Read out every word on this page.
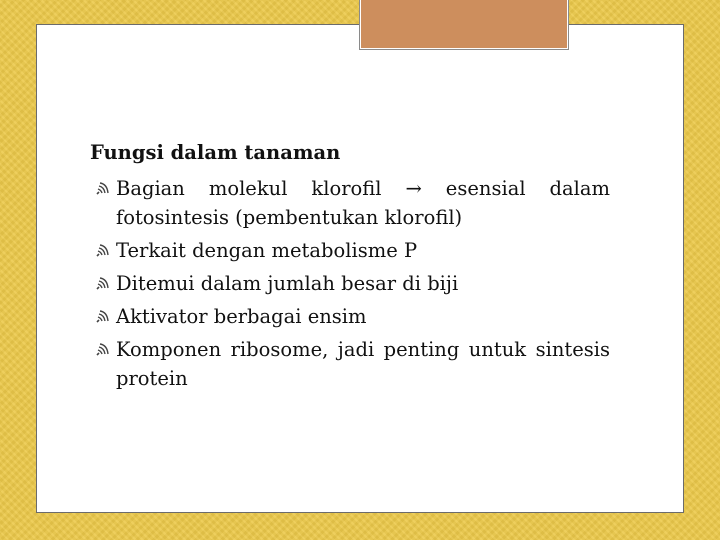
Fungsi dalam tanaman
Bagian molekul klorofil → esensial dalam fotosintesis (pembentukan klorofil)
Terkait dengan metabolisme P
Ditemui dalam jumlah besar di biji
Aktivator berbagai ensim
Komponen ribosome, jadi penting untuk sintesis protein
